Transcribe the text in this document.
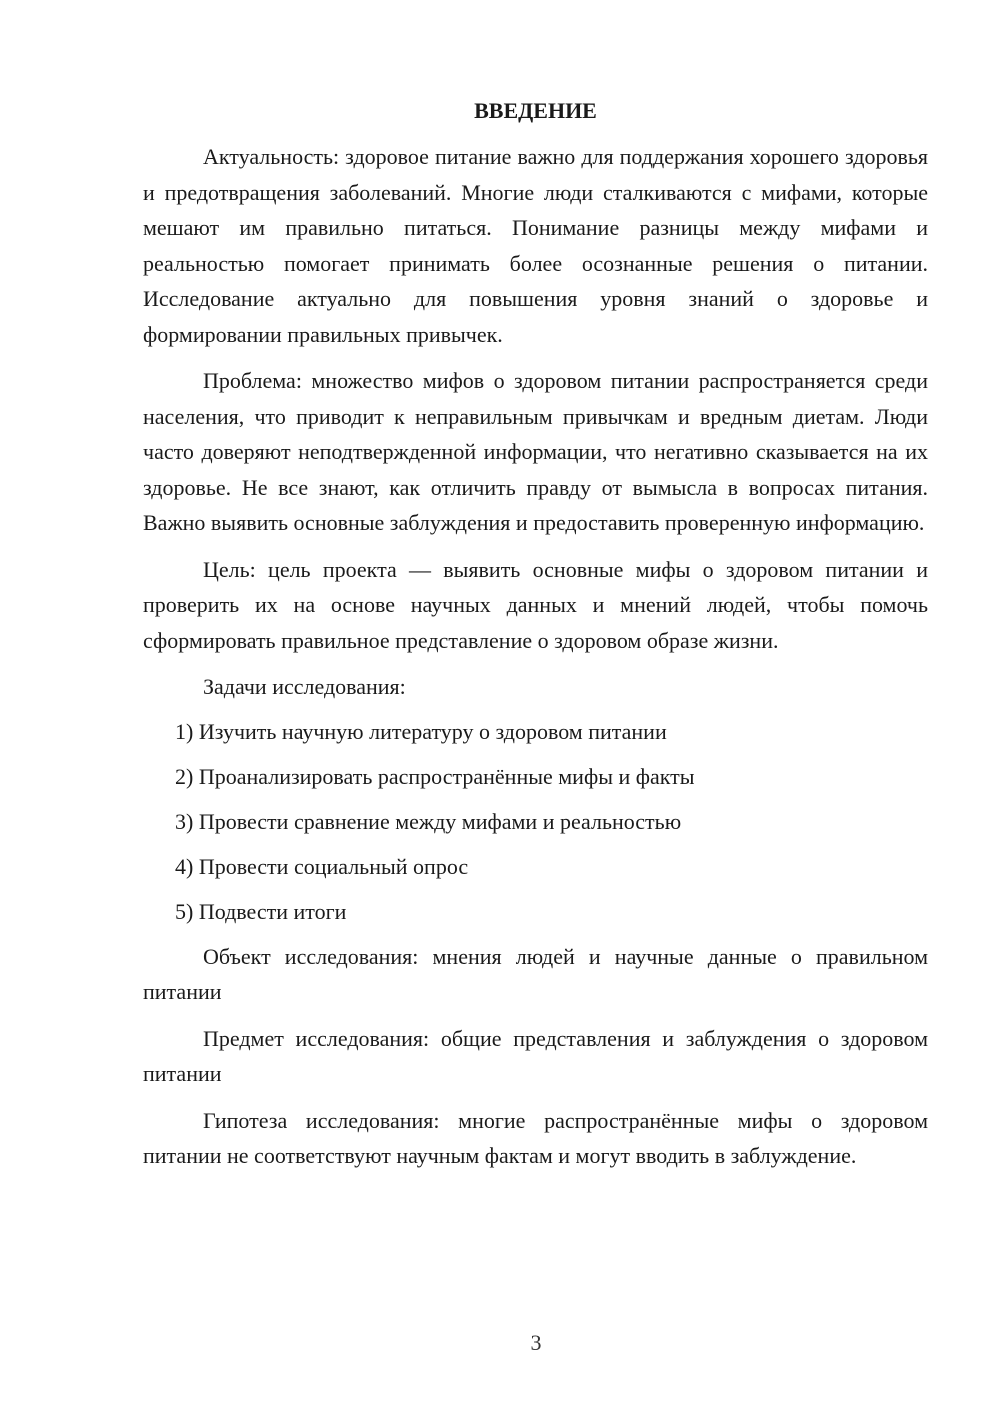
ВВЕДЕНИЕ

Актуальность: здоровое питание важно для поддержания хорошего здоровья и предотвращения заболеваний. Многие люди сталкиваются с мифами, которые мешают им правильно питаться. Понимание разницы между мифами и реальностью помогает принимать более осознанные решения о питании. Исследование актуально для повышения уровня знаний о здоровье и формировании правильных привычек.

Проблема: множество мифов о здоровом питании распространяется среди населения, что приводит к неправильным привычкам и вредным диетам. Люди часто доверяют неподтвержденной информации, что негативно сказывается на их здоровье. Не все знают, как отличить правду от вымысла в вопросах питания. Важно выявить основные заблуждения и предоставить проверенную информацию.

Цель: цель проекта — выявить основные мифы о здоровом питании и проверить их на основе научных данных и мнений людей, чтобы помочь сформировать правильное представление о здоровом образе жизни.

Задачи исследования:
1) Изучить научную литературу о здоровом питании
2) Проанализировать распространённые мифы и факты
3) Провести сравнение между мифами и реальностью
4) Провести социальный опрос
5) Подвести итоги

Объект исследования: мнения людей и научные данные о правильном питании

Предмет исследования: общие представления и заблуждения о здоровом питании

Гипотеза исследования: многие распространённые мифы о здоровом питании не соответствуют научным фактам и могут вводить в заблуждение.

3
